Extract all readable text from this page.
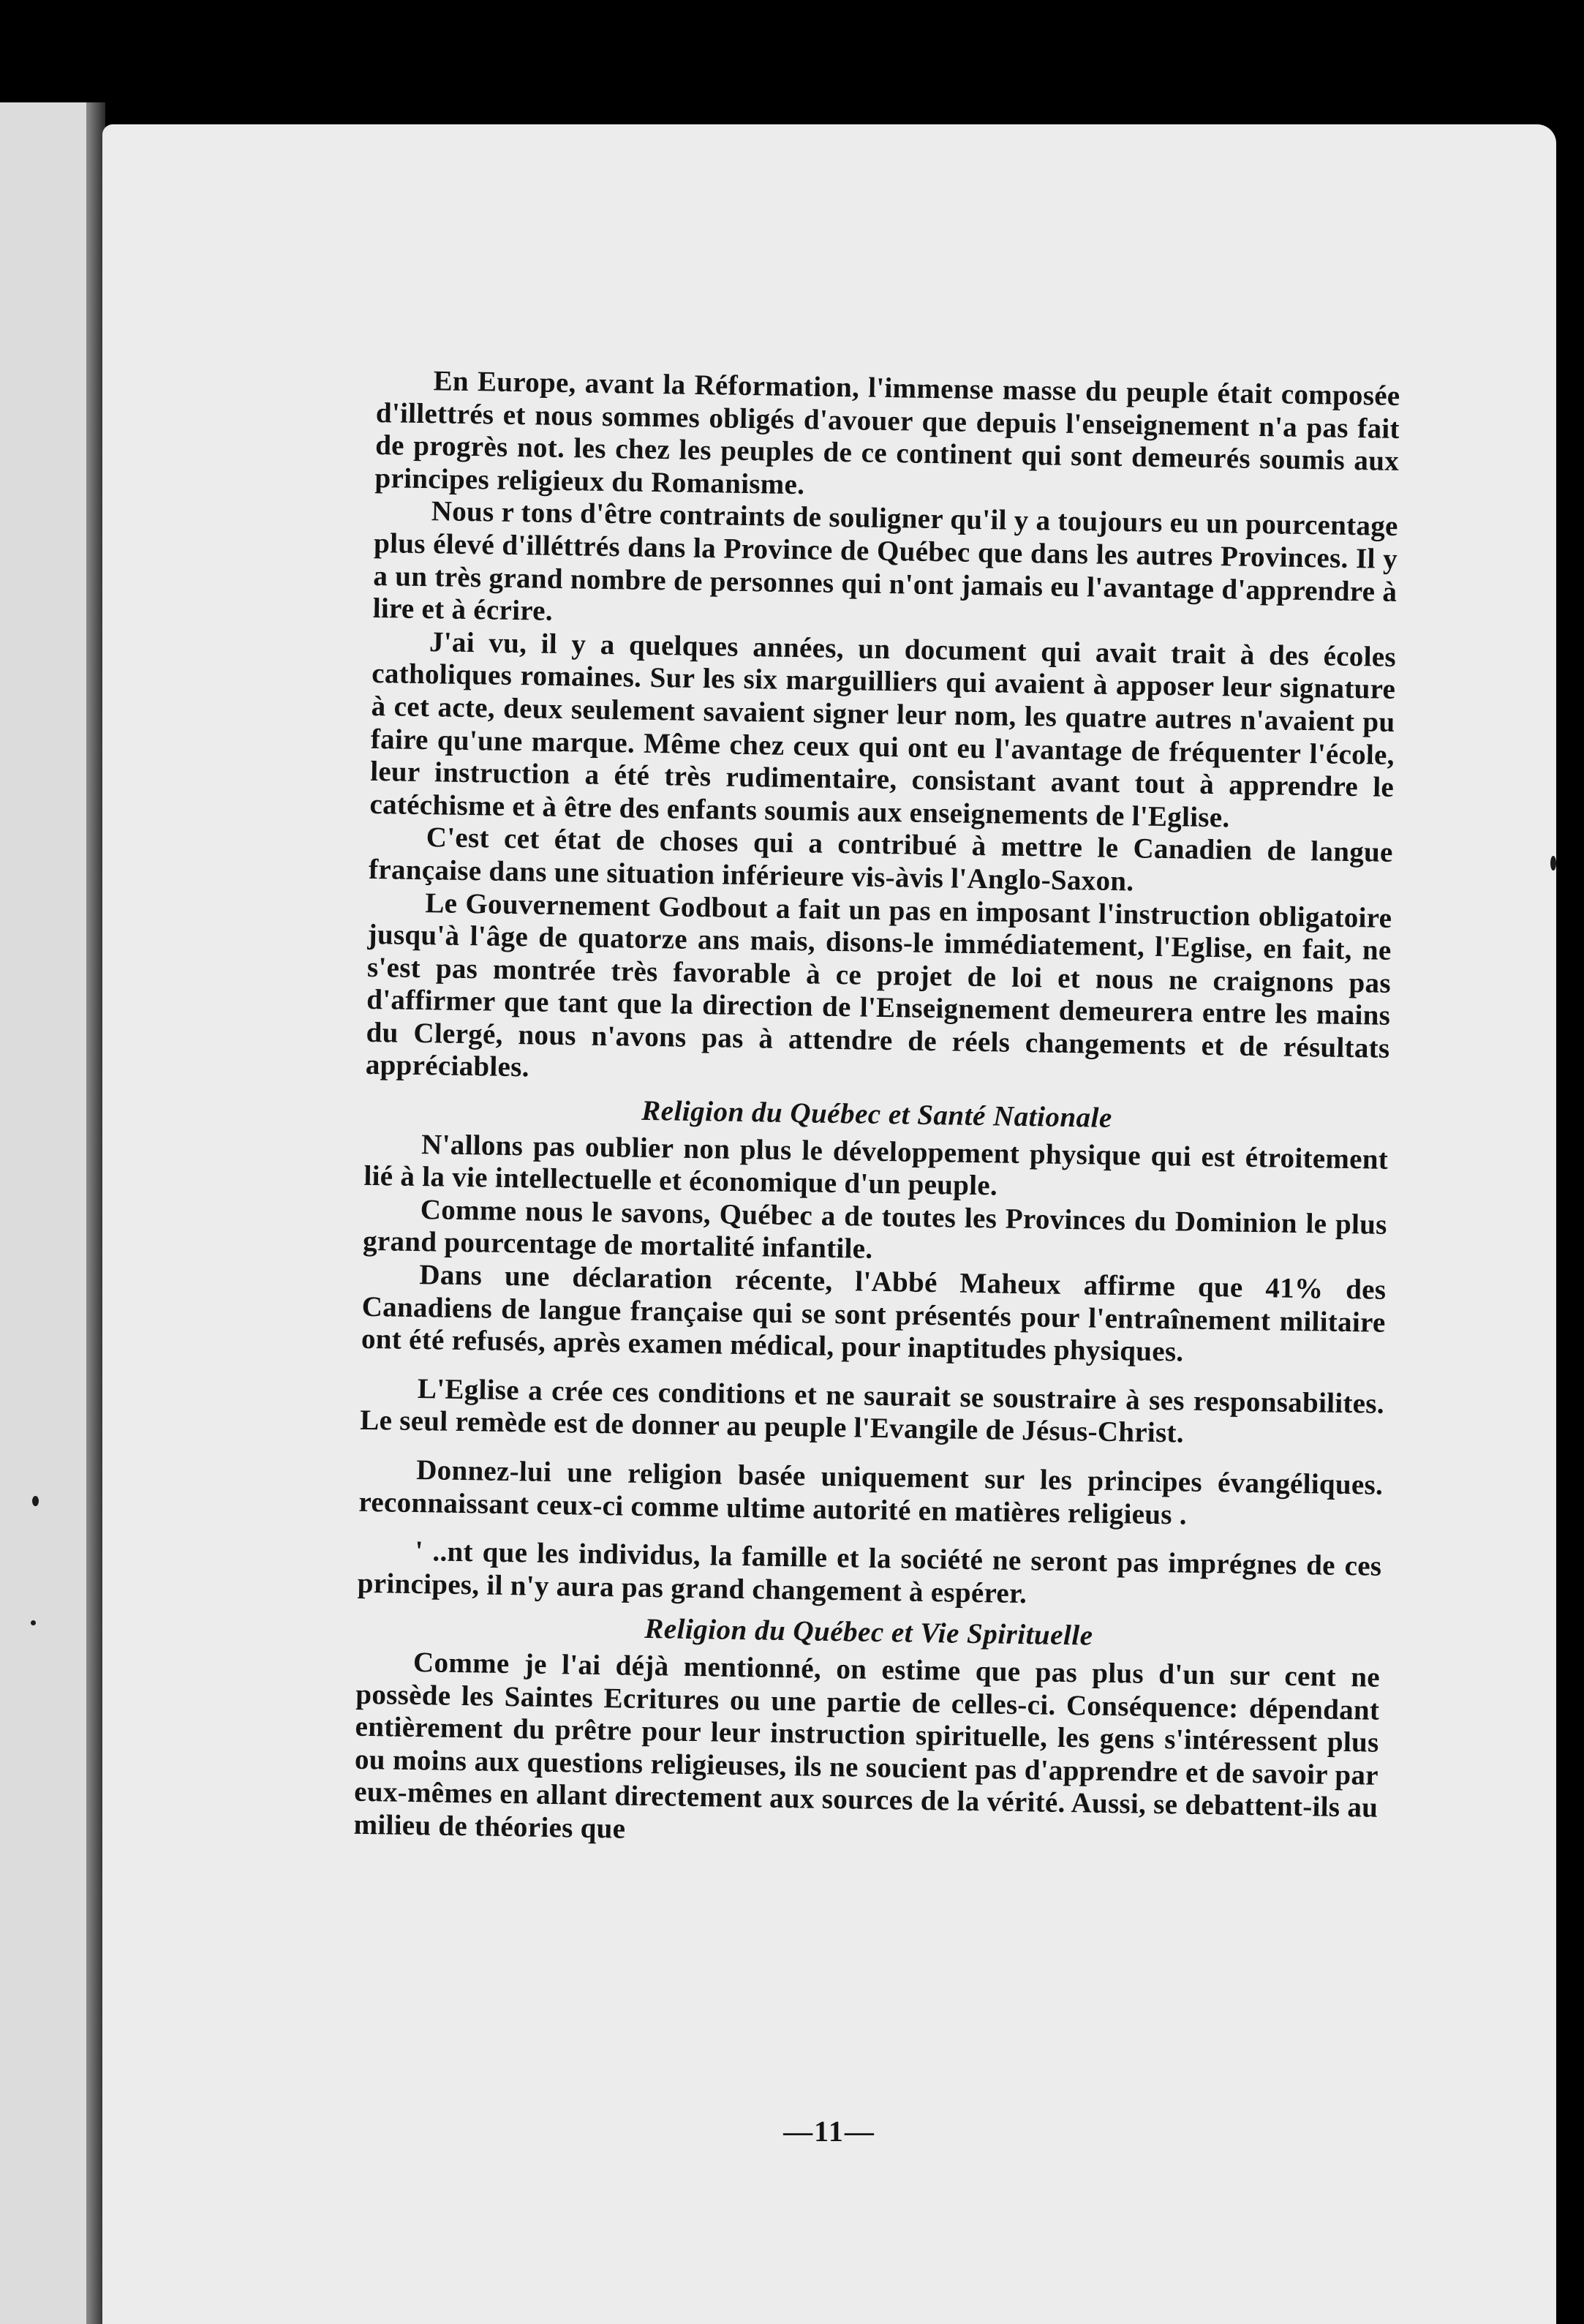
En Europe, avant la Réformation, l'immense masse du peuple était composée d'illettrés et nous sommes obligés d'avouer que depuis l'enseignement n'a pas fait de progrès not. les chez les peuples de ce continent qui sont demeurés soumis aux principes religieux du Romanisme.

Nous r tons d'être contraints de souligner qu'il y a toujours eu un pourcentage plus élevé d'illéttrés dans la Province de Québec que dans les autres Provinces. Il y a un très grand nombre de personnes qui n'ont jamais eu l'avantage d'apprendre à lire et à écrire.

J'ai vu, il y a quelques années, un document qui avait trait à des écoles catholiques romaines. Sur les six marguilliers qui avaient à apposer leur signature à cet acte, deux seulement savaient signer leur nom, les quatre autres n'avaient pu faire qu'une marque. Même chez ceux qui ont eu l'avantage de fréquenter l'école, leur instruction a été très rudimentaire, consistant avant tout à apprendre le catéchisme et à être des enfants soumis aux enseignements de l'Eglise.

C'est cet état de choses qui a contribué à mettre le Canadien de langue française dans une situation inférieure vis-àvis l'Anglo-Saxon.

Le Gouvernement Godbout a fait un pas en imposant l'instruction obligatoire jusqu'à l'âge de quatorze ans mais, disons-le immédiatement, l'Eglise, en fait, ne s'est pas montrée très favorable à ce projet de loi et nous ne craignons pas d'affirmer que tant que la direction de l'Enseignement demeurera entre les mains du Clergé, nous n'avons pas à attendre de réels changements et de résultats appréciables.

Religion du Québec et Santé Nationale

N'allons pas oublier non plus le développement physique qui est étroitement lié à la vie intellectuelle et économique d'un peuple.

Comme nous le savons, Québec a de toutes les Provinces du Dominion le plus grand pourcentage de mortalité infantile.

Dans une déclaration récente, l'Abbé Maheux affirme que 41% des Canadiens de langue française qui se sont présentés pour l'entraînement militaire ont été refusés, après examen médical, pour inaptitudes physiques.

L'Eglise a crée ces conditions et ne saurait se soustraire à ses responsabilites. Le seul remède est de donner au peuple l'Evangile de Jésus-Christ.

Donnez-lui une religion basée uniquement sur les principes évangéliques. reconnaissant ceux-ci comme ultime autorité en matières religieus .

' ..nt que les individus, la famille et la société ne seront pas imprégnes de ces principes, il n'y aura pas grand changement à espérer.

Religion du Québec et Vie Spirituelle

Comme je l'ai déjà mentionné, on estime que pas plus d'un sur cent ne possède les Saintes Ecritures ou une partie de celles-ci. Conséquence: dépendant entièrement du prêtre pour leur instruction spirituelle, les gens s'intéressent plus ou moins aux questions religieuses, ils ne soucient pas d'apprendre et de savoir par eux-mêmes en allant directement aux sources de la vérité. Aussi, se debattent-ils au milieu de théories que

—11—
